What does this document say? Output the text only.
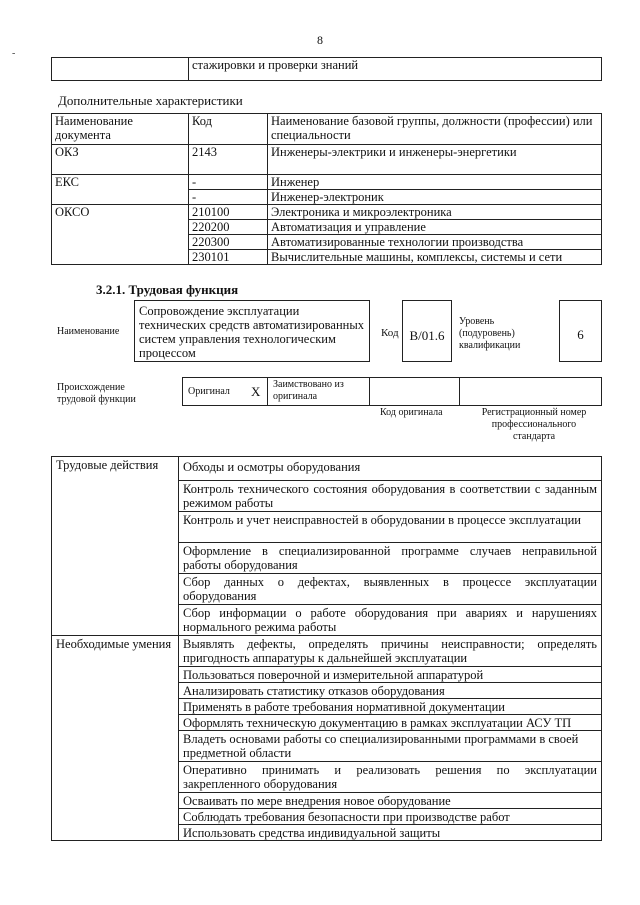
8
-
	стажировки и проверки знаний
Дополнительные характеристики
Наименование документа	Код	Наименование базовой группы, должности (профессии) или специальности
ОКЗ	2143	Инженеры-электрики и инженеры-энергетики
ЕКС	-	Инженер
	-	Инженер-электроник
ОКСО	210100	Электроника и микроэлектроника
	220200	Автоматизация и управление
	220300	Автоматизированные технологии производства
	230101	Вычислительные машины, комплексы, системы и сети
3.2.1. Трудовая функция
Наименование
Сопровождение эксплуатации технических средств автоматизированных систем управления технологическим процессом
Код B/01.6
Уровень (подуровень) квалификации
6
Происхождение трудовой функции
Оригинал X Заимствовано из оригинала
Код оригинала	Регистрационный номер профессионального стандарта
Трудовые действия	Обходы и осмотры оборудования
	Контроль технического состояния оборудования в соответствии с заданным режимом работы
	Контроль и учет неисправностей в оборудовании в процессе эксплуатации
	Оформление в специализированной программе случаев неправильной работы оборудования
	Сбор данных о дефектах, выявленных в процессе эксплуатации оборудования
	Сбор информации о работе оборудования при авариях и нарушениях нормального режима работы
Необходимые умения	Выявлять дефекты, определять причины неисправности; определять пригодность аппаратуры к дальнейшей эксплуатации
	Пользоваться поверочной и измерительной аппаратурой
	Анализировать статистику отказов оборудования
	Применять в работе требования нормативной документации
	Оформлять техническую документацию в рамках эксплуатации АСУ ТП
	Владеть основами работы со специализированными программами в своей предметной области
	Оперативно принимать и реализовать решения по эксплуатации закрепленного оборудования
	Осваивать по мере внедрения новое оборудование
	Соблюдать требования безопасности при производстве работ
	Использовать средства индивидуальной защиты
